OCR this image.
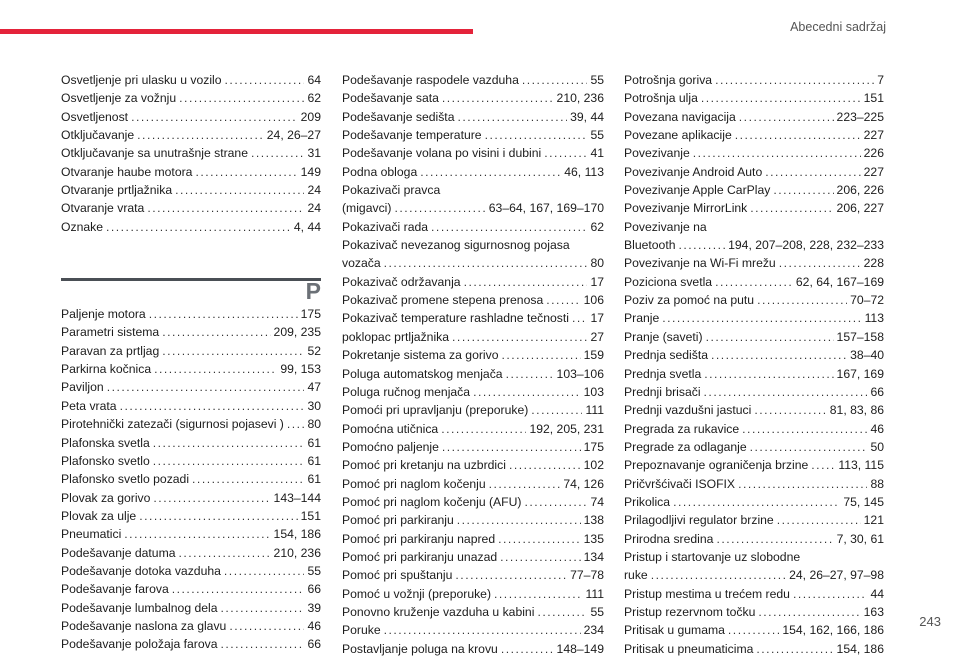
Abecedni sadržaj
Osvetljenje pri ulasku u vozilo .....	64
Osvetljenje za vožnju .....	62
Osvetljenost .....	209
Otključavanje .....	24, 26–27
Otključavanje sa unutrašnje strane .....	31
Otvaranje haube motora .....	149
Otvaranje prtljažnika .....	24
Otvaranje vrata .....	24
Oznake .....	4, 44
P
Paljenje motora .....	175
Parametri sistema .....	209, 235
Paravan za prtljag .....	52
Parkirna kočnica .....	99, 153
Paviljon .....	47
Peta vrata .....	30
Pirotehnički zatezači (sigurnosi pojasevi ) ..... 80
Plafonska svetla .....	61
Plafonsko svetlo .....	61
Plafonsko svetlo pozadi .....	61
Plovak za gorivo .....	143–144
Plovak za ulje .....	151
Pneumatici .....	154, 186
Podešavanje datuma .....	210, 236
Podešavanje dotoka vazduha .....	55
Podešavanje farova .....	66
Podešavanje lumbalnog dela .....	39
Podešavanje naslona za glavu .....	46
Podešavanje položaja farova .....	66
Podešavanje raspodele vazduha .....	55
Podešavanje sata .....	210, 236
Podešavanje sedišta .....	39, 44
Podešavanje temperature .....	55
Podešavanje volana po visini i dubini .....	41
Podna obloga .....	46, 113
Pokazivači pravca
(migavci) .....	63–64, 167, 169–170
Pokazivači rada .....	62
Pokazivač nevezanog sigurnosnog pojasa
vozača .....	80
Pokazivač održavanja .....	17
Pokazivač promene stepena prenosa .....	106
Pokazivač temperature rashladne tečnosti ..... 17
poklopac prtljažnika .....	27
Pokretanje sistema za gorivo .....	159
Poluga automatskog menjača .....	103–106
Poluga ručnog menjača .....	103
Pomoći pri upravljanju (preporuke) .....	111
Pomoćna utičnica .....	192, 205, 231
Pomoćno paljenje .....	175
Pomoć pri kretanju na uzbrdici .....	102
Pomoć pri naglom kočenju .....	74, 126
Pomoć pri naglom kočenju (AFU) .....	74
Pomoć pri parkiranju .....	138
Pomoć pri parkiranju napred .....	135
Pomoć pri parkiranju unazad .....	134
Pomoć pri spuštanju .....	77–78
Pomoć u vožnji (preporuke) .....	111
Ponovno kruženje vazduha u kabini .....	55
Poruke .....	234
Postavljanje poluga na krovu .....	148–149
Potrošnja goriva .....	7
Potrošnja ulja .....	151
Povezana navigacija .....	223–225
Povezane aplikacije .....	227
Povezivanje .....	226
Povezivanje Android Auto .....	227
Povezivanje Apple CarPlay .....	206, 226
Povezivanje MirrorLink .....	206, 227
Povezivanje na
Bluetooth .....	194, 207–208, 228, 232–233
Povezivanje na Wi-Fi mrežu .....	228
Poziciona svetla .....	62, 64, 167–169
Poziv za pomoć na putu .....	70–72
Pranje .....	113
Pranje (saveti) .....	157–158
Prednja sedišta .....	38–40
Prednja svetla .....	167, 169
Prednji brisači .....	66
Prednji vazdušni jastuci .....	81, 83, 86
Pregrada za rukavice .....	46
Pregrade za odlaganje .....	50
Prepoznavanje ograničenja brzine ..... 113, 115
Pričvršćivači ISOFIX .....	88
Prikolica .....	75, 145
Prilagodljivi regulator brzine .....	121
Prirodna sredina .....	7, 30, 61
Pristup i startovanje uz slobodne
ruke .....	24, 26–27, 97–98
Pristup mestima u trećem redu .....	44
Pristup rezervnom točku .....	163
Pritisak u gumama .....	154, 162, 166, 186
Pritisak u pneumaticima .....	154, 186
243
